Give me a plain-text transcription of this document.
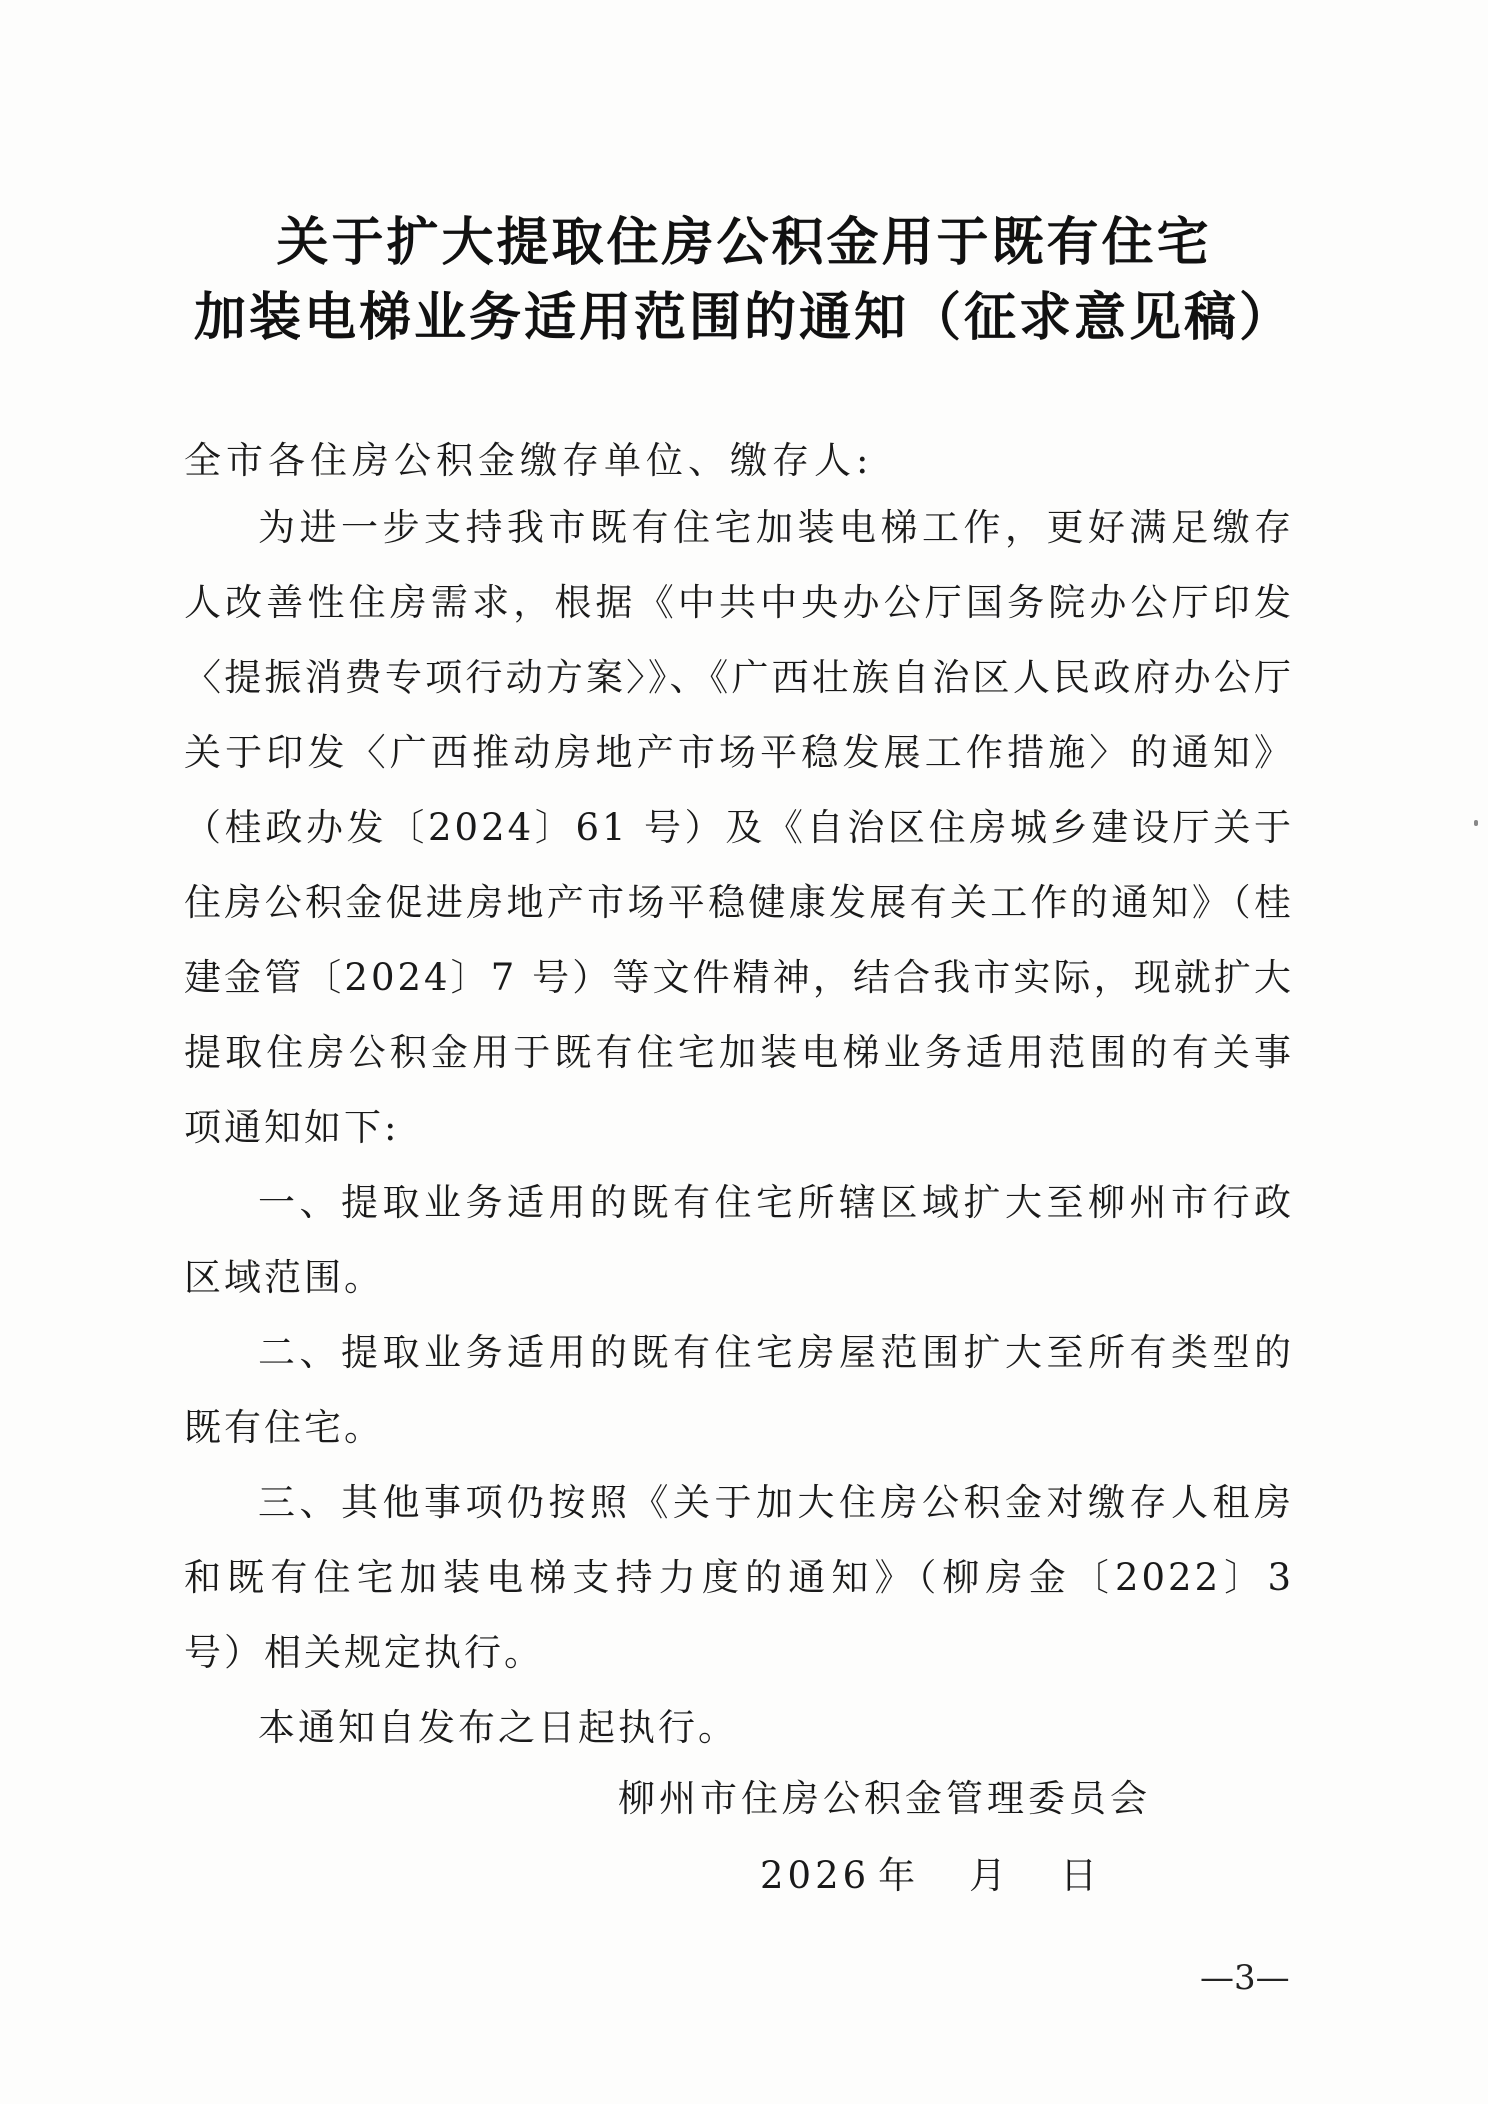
关于扩大提取住房公积金用于既有住宅
加装电梯业务适用范围的通知（征求意见稿）
全市各住房公积金缴存单位、缴存人:

为进一步支持我市既有住宅加装电梯工作，更好满足缴存人改善性住房需求，根据《中共中央办公厅国务院办公厅印发〈提振消费专项行动方案〉》、《广西壮族自治区人民政府办公厅关于印发〈广西推动房地产市场平稳发展工作措施〉的通知》（桂政办发〔2024〕61 号）及《自治区住房城乡建设厅关于住房公积金促进房地产市场平稳健康发展有关工作的通知》（桂建金管〔2024〕7 号）等文件精神，结合我市实际，现就扩大提取住房公积金用于既有住宅加装电梯业务适用范围的有关事项通知如下:

一、提取业务适用的既有住宅所辖区域扩大至柳州市行政区域范围。

二、提取业务适用的既有住宅房屋范围扩大至所有类型的既有住宅。

三、其他事项仍按照《关于加大住房公积金对缴存人租房和既有住宅加装电梯支持力度的通知》（柳房金〔2022〕3 号）相关规定执行。

本通知自发布之日起执行。

柳州市住房公积金管理委员会
2026 年 月 日
—3—
